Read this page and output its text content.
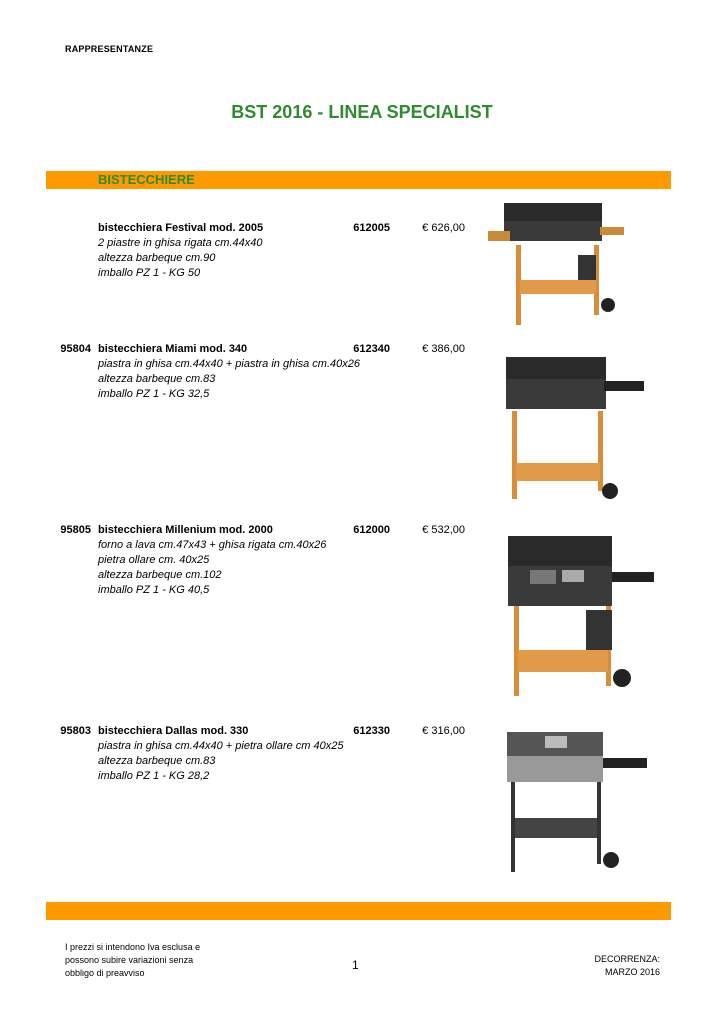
RAPPRESENTANZE
BST 2016 - LINEA SPECIALIST
BISTECCHIERE
bistecchiera Festival mod. 2005	612005	€ 626,00
2 piastre in ghisa rigata cm.44x40
altezza barbeque cm.90
imballo PZ 1 - KG 50
95804 bistecchiera Miami mod. 340	612340	€ 386,00
piastra in ghisa cm.44x40 + piastra in ghisa cm.40x26
altezza barbeque cm.83
imballo PZ 1 - KG 32,5
95805 bistecchiera Millenium mod. 2000	612000	€ 532,00
forno a lava cm.47x43 + ghisa rigata cm.40x26
pietra ollare cm. 40x25
altezza barbeque cm.102
imballo PZ 1 - KG 40,5
95803 bistecchiera Dallas mod. 330	612330	€ 316,00
piastra in ghisa cm.44x40 + pietra ollare cm 40x25
altezza barbeque cm.83
imballo PZ 1 - KG 28,2
I prezzi si intendono Iva esclusa e
possono subire variazioni senza
obbligo di preavviso
1	DECORRENZA:
MARZO 2016
